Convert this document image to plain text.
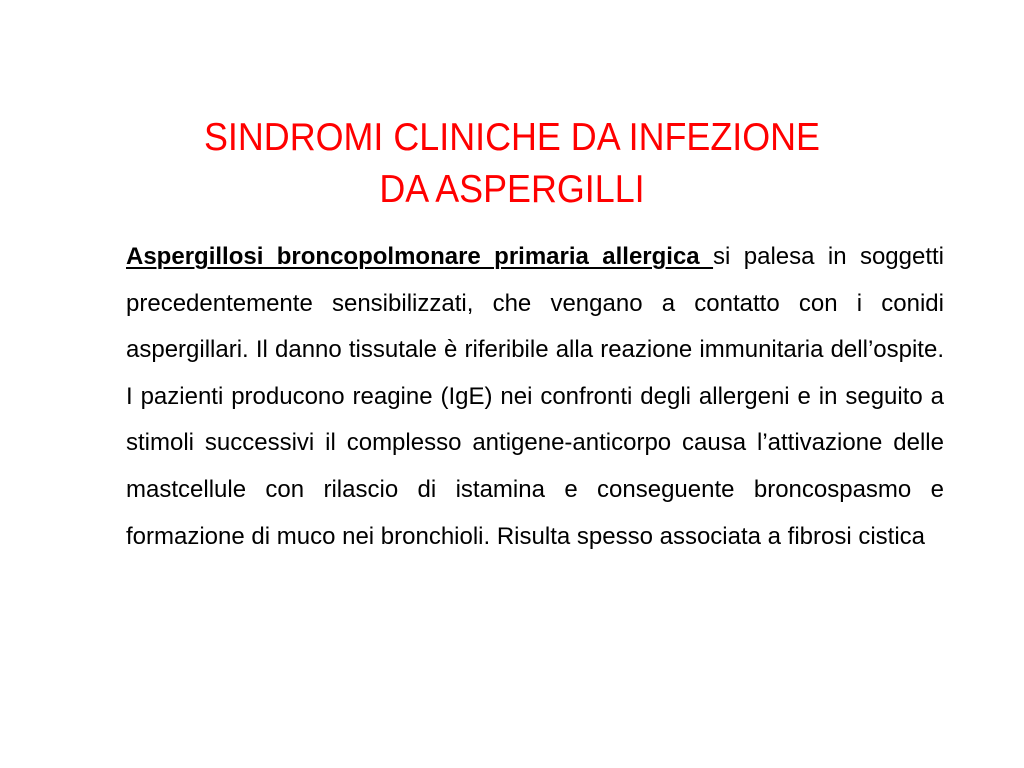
SINDROMI CLINICHE DA INFEZIONE
DA ASPERGILLI

Aspergillosi broncopolmonare primaria allergica si palesa in soggetti precedentemente sensibilizzati, che vengano a contatto con i conidi aspergillari. Il danno tissutale è riferibile alla reazione immunitaria dell’ospite. I pazienti producono reagine (IgE) nei confronti degli allergeni e in seguito a stimoli successivi il complesso antigene-anticorpo causa l’attivazione delle mastcellule con rilascio di istamina e conseguente broncospasmo e formazione di muco nei bronchioli. Risulta spesso associata a fibrosi cistica
